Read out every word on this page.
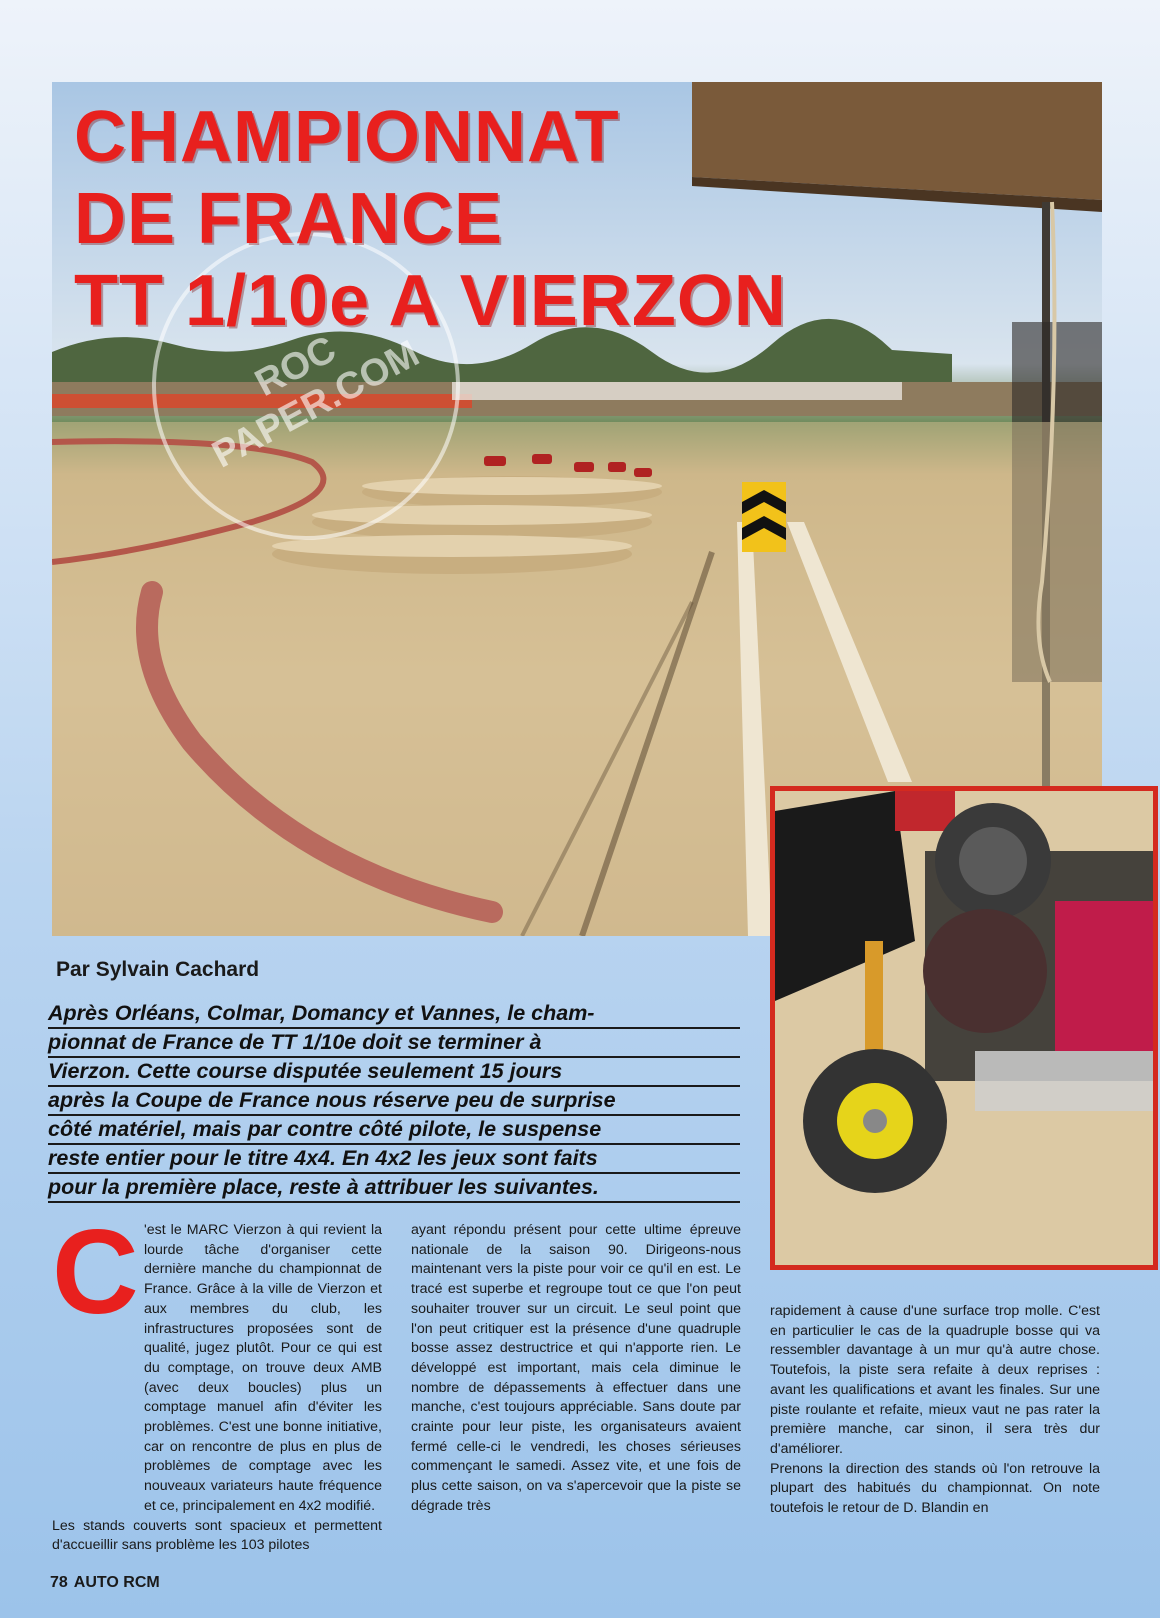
ROC PAPER.COM
CHAMPIONNAT
DE FRANCE
TT 1/10e A VIERZON

Par Sylvain Cachard

Après Orléans, Colmar, Domancy et Vannes, le cham-
pionnat de France de TT 1/10e doit se terminer à
Vierzon. Cette course disputée seulement 15 jours
après la Coupe de France nous réserve peu de surprise
côté matériel, mais par contre côté pilote, le suspense
reste entier pour le titre 4x4. En 4x2 les jeux sont faits
pour la première place, reste à attribuer les suivantes.

C 'est le MARC Vierzon à qui revient la lourde tâche d'organiser cette dernière manche du championnat de France. Grâce à la ville de Vierzon et aux membres du club, les infrastructures proposées sont de qualité, jugez plutôt. Pour ce qui est du comptage, on trouve deux AMB (avec deux boucles) plus un comptage manuel afin d'éviter les problèmes. C'est une bonne initiative, car on rencontre de plus en plus de problèmes de comptage avec les nouveaux variateurs haute fréquence et ce, principalement en 4x2 modifié.

Les stands couverts sont spacieux et permettent d'accueillir sans problème les 103 pilotes

ayant répondu présent pour cette ultime épreuve nationale de la saison 90. Dirigeons-nous maintenant vers la piste pour voir ce qu'il en est. Le tracé est superbe et regroupe tout ce que l'on peut souhaiter trouver sur un circuit. Le seul point que l'on peut critiquer est la présence d'une quadruple bosse assez destructrice et qui n'apporte rien. Le développé est important, mais cela diminue le nombre de dépassements à effectuer dans une manche, c'est toujours appréciable. Sans doute par crainte pour leur piste, les organisateurs avaient fermé celle-ci le vendredi, les choses sérieuses commençant le samedi. Assez vite, et une fois de plus cette saison, on va s'apercevoir que la piste se dégrade très

rapidement à cause d'une surface trop molle. C'est en particulier le cas de la quadruple bosse qui va ressembler davantage à un mur qu'à autre chose. Toutefois, la piste sera refaite à deux reprises : avant les qualifications et avant les finales. Sur une piste roulante et refaite, mieux vaut ne pas rater la première manche, car sinon, il sera très dur d'améliorer.

Prenons la direction des stands où l'on retrouve la plupart des habitués du championnat. On note toutefois le retour de D. Blandin en

78 AUTO RCM
